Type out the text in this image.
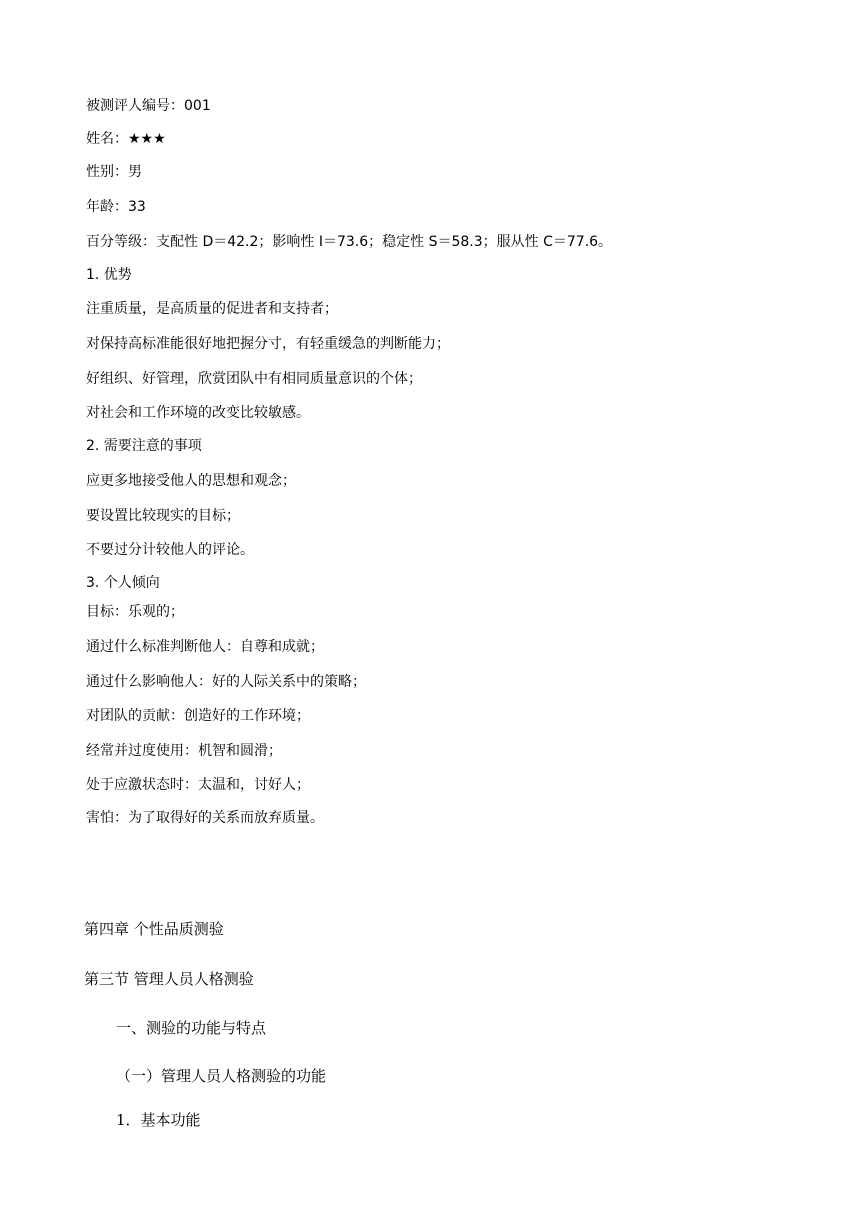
被测评人编号：001
姓名：★★★
性别：男
年龄：33
百分等级：支配性 D＝42.2；影响性 I＝73.6；稳定性 S＝58.3；服从性 C＝77.6。
1. 优势
注重质量，是高质量的促进者和支持者；
对保持高标准能很好地把握分寸，有轻重缓急的判断能力；
好组织、好管理，欣赏团队中有相同质量意识的个体；
对社会和工作环境的改变比较敏感。
2. 需要注意的事项
应更多地接受他人的思想和观念；
要设置比较现实的目标；
不要过分计较他人的评论。
3. 个人倾向
目标：乐观的；
通过什么标准判断他人：自尊和成就；
通过什么影响他人：好的人际关系中的策略；
对团队的贡献：创造好的工作环境；
经常并过度使用：机智和圆滑；
处于应激状态时：太温和，讨好人；
害怕：为了取得好的关系而放弃质量。
第四章 个性品质测验
第三节 管理人员人格测验
一、测验的功能与特点
（一）管理人员人格测验的功能
1．基本功能
